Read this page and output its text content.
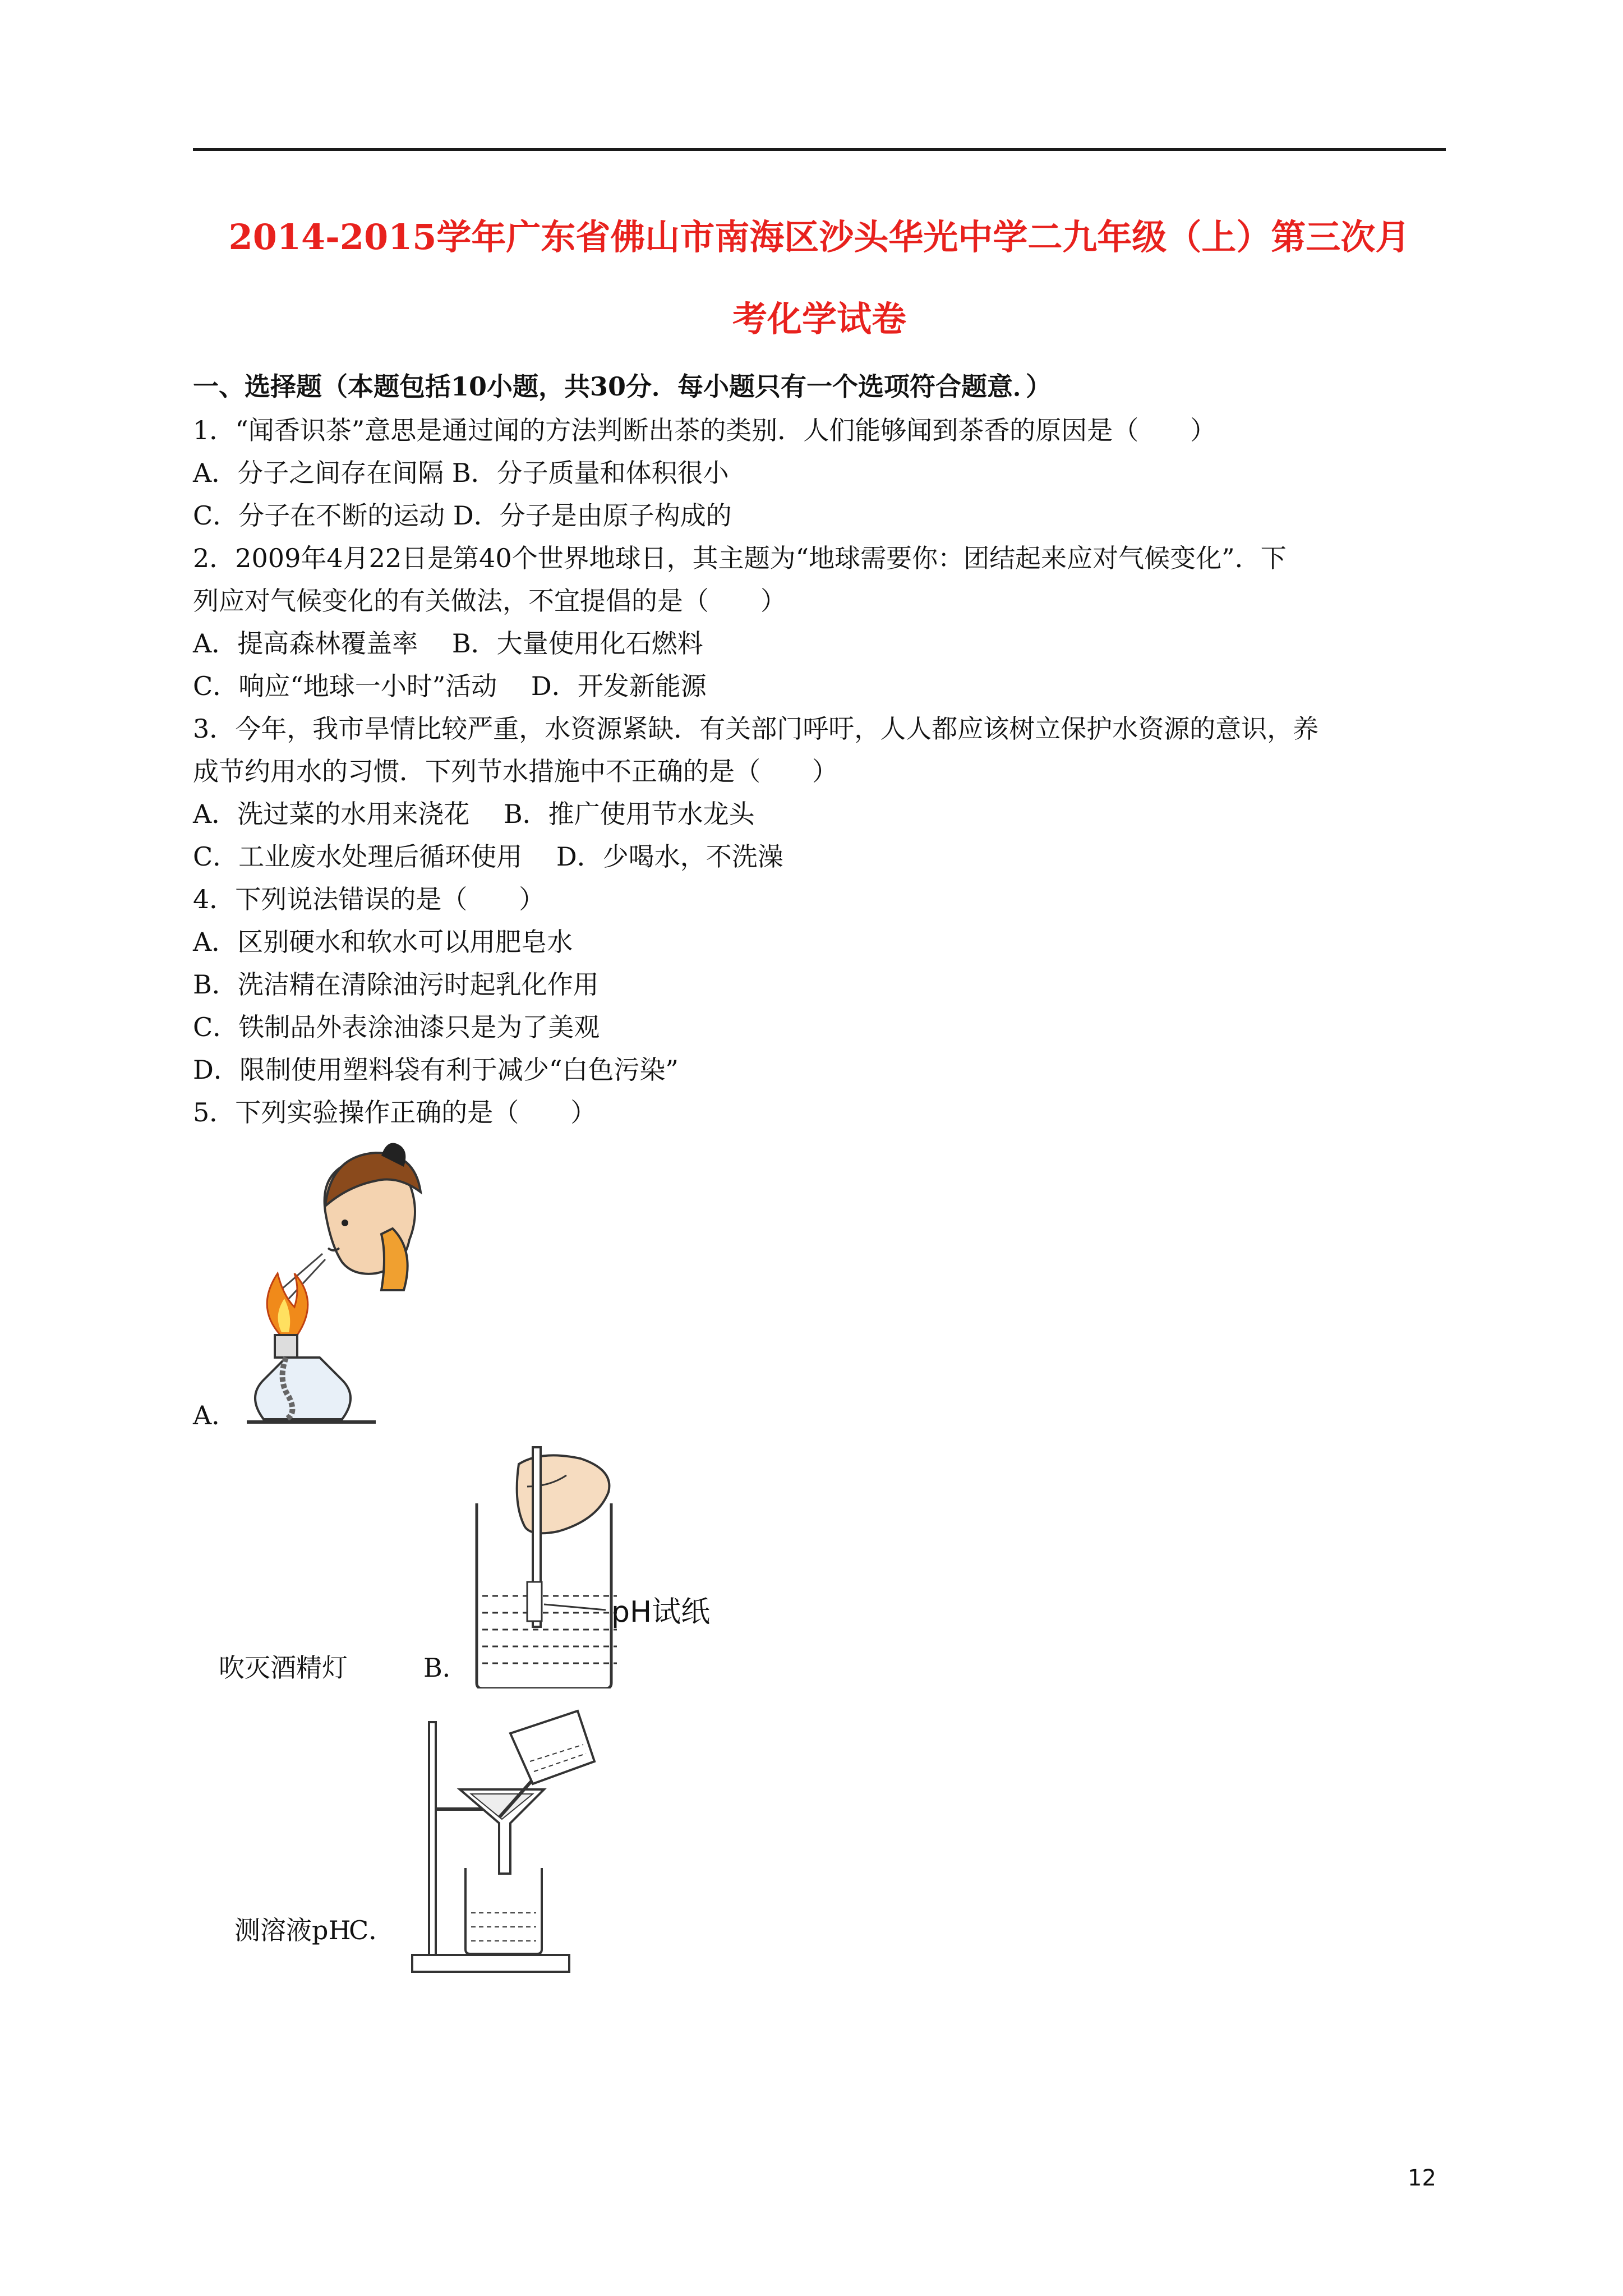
2014-2015学年广东省佛山市南海区沙头华光中学二九年级（上）第三次月
考化学试卷
一、选择题（本题包括10小题，共30分．每小题只有一个选项符合题意．）
1．“闻香识茶”意思是通过闻的方法判断出茶的类别．人们能够闻到茶香的原因是（　　）
A．分子之间存在间隔 B．分子质量和体积很小
C．分子在不断的运动 D．分子是由原子构成的
2．2009年4月22日是第40个世界地球日，其主题为“地球需要你：团结起来应对气候变化”．下
列应对气候变化的有关做法，不宜提倡的是（　　）
A．提高森林覆盖率　 B．大量使用化石燃料
C．响应“地球一小时”活动　 D．开发新能源
3．今年，我市旱情比较严重，水资源紧缺．有关部门呼吁，人人都应该树立保护水资源的意识，养
成节约用水的习惯．下列节水措施中不正确的是（　　）
A．洗过菜的水用来浇花　 B．推广使用节水龙头
C．工业废水处理后循环使用　 D．少喝水，不洗澡
4．下列说法错误的是（　　）
A．区别硬水和软水可以用肥皂水
B．洗洁精在清除油污时起乳化作用
C．铁制品外表涂油漆只是为了美观
D．限制使用塑料袋有利于减少“白色污染”
5．下列实验操作正确的是（　　）
A．
pH试纸
吹灭酒精灯	B．
测溶液pH
C．
12
